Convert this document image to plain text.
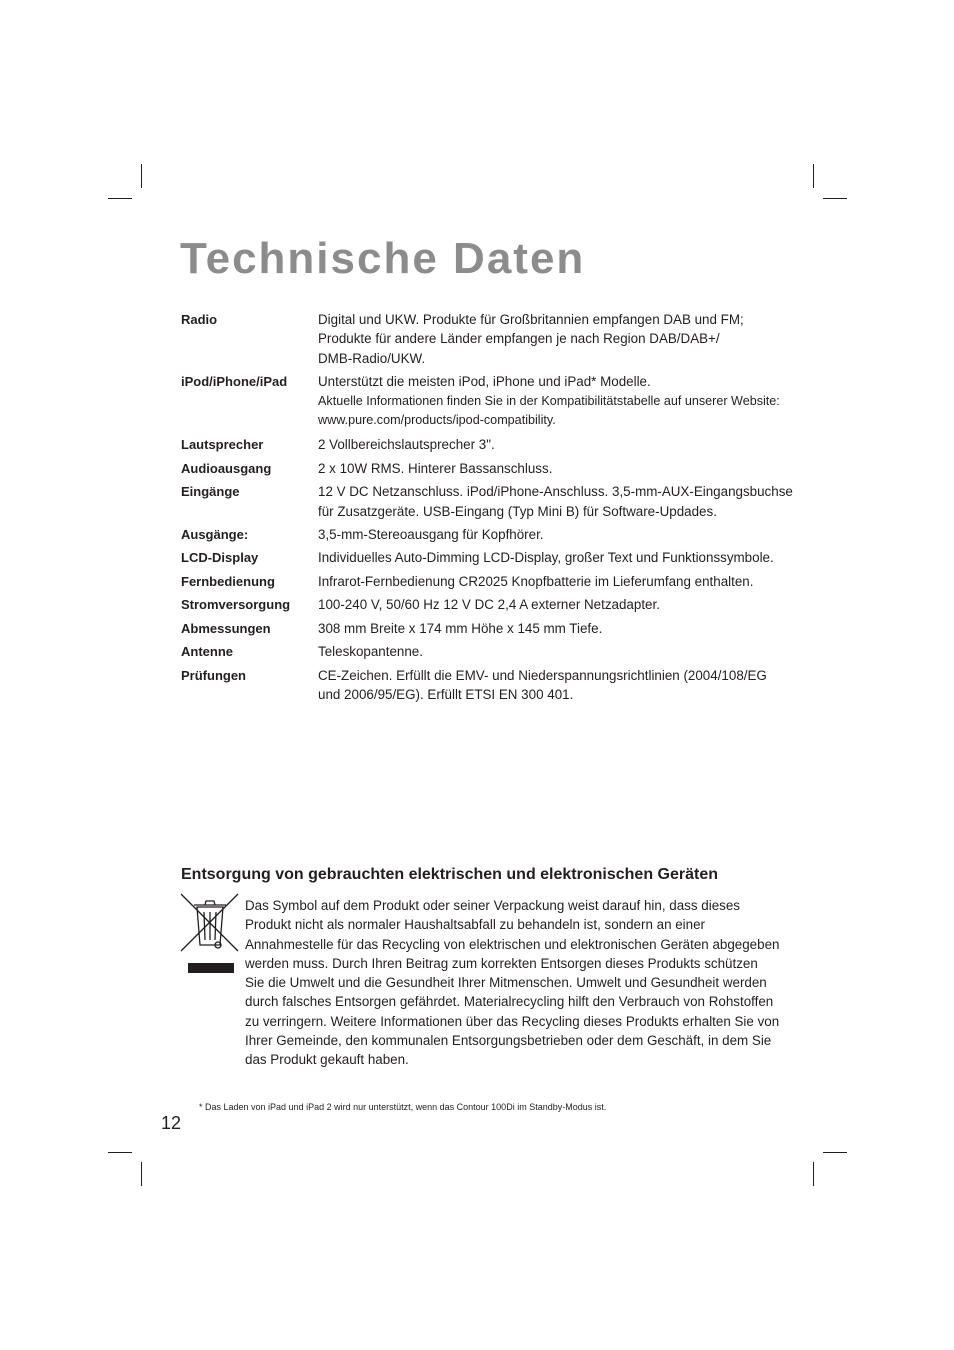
Technische Daten
Radio	Digital und UKW. Produkte für Großbritannien empfangen DAB und FM;
Produkte für andere Länder empfangen je nach Region DAB/DAB+/
DMB-Radio/UKW.
iPod/iPhone/iPad	Unterstützt die meisten iPod, iPhone und iPad* Modelle.
Aktuelle Informationen finden Sie in der Kompatibilitätstabelle auf unserer Website:
www.pure.com/products/ipod-compatibility.
Lautsprecher	2 Vollbereichslautsprecher 3".
Audioausgang	2 x 10W RMS. Hinterer Bassanschluss.
Eingänge	12 V DC Netzanschluss. iPod/iPhone-Anschluss. 3,5-mm-AUX-Eingangsbuchse
für Zusatzgeräte. USB-Eingang (Typ Mini B) für Software-Updades.
Ausgänge:	3,5-mm-Stereoausgang für Kopfhörer.
LCD-Display	Individuelles Auto-Dimming LCD-Display, großer Text und Funktionssymbole.
Fernbedienung	Infrarot-Fernbedienung CR2025 Knopfbatterie im Lieferumfang enthalten.
Stromversorgung	100-240 V, 50/60 Hz 12 V DC 2,4 A externer Netzadapter.
Abmessungen	308 mm Breite x 174 mm Höhe x 145 mm Tiefe.
Antenne	Teleskopantenne.
Prüfungen	CE-Zeichen. Erfüllt die EMV- und Niederspannungsrichtlinien (2004/108/EG
und 2006/95/EG). Erfüllt ETSI EN 300 401.
Entsorgung von gebrauchten elektrischen und elektronischen Geräten
Das Symbol auf dem Produkt oder seiner Verpackung weist darauf hin, dass dieses
Produkt nicht als normaler Haushaltsabfall zu behandeln ist, sondern an einer
Annahmestelle für das Recycling von elektrischen und elektronischen Geräten abgegeben
werden muss. Durch Ihren Beitrag zum korrekten Entsorgen dieses Produkts schützen
Sie die Umwelt und die Gesundheit Ihrer Mitmenschen. Umwelt und Gesundheit werden
durch falsches Entsorgen gefährdet. Materialrecycling hilft den Verbrauch von Rohstoffen
zu verringern. Weitere Informationen über das Recycling dieses Produkts erhalten Sie von
Ihrer Gemeinde, den kommunalen Entsorgungsbetrieben oder dem Geschäft, in dem Sie
das Produkt gekauft haben.
* Das Laden von iPad und iPad 2 wird nur unterstützt, wenn das Contour 100Di im Standby-Modus ist.
12
